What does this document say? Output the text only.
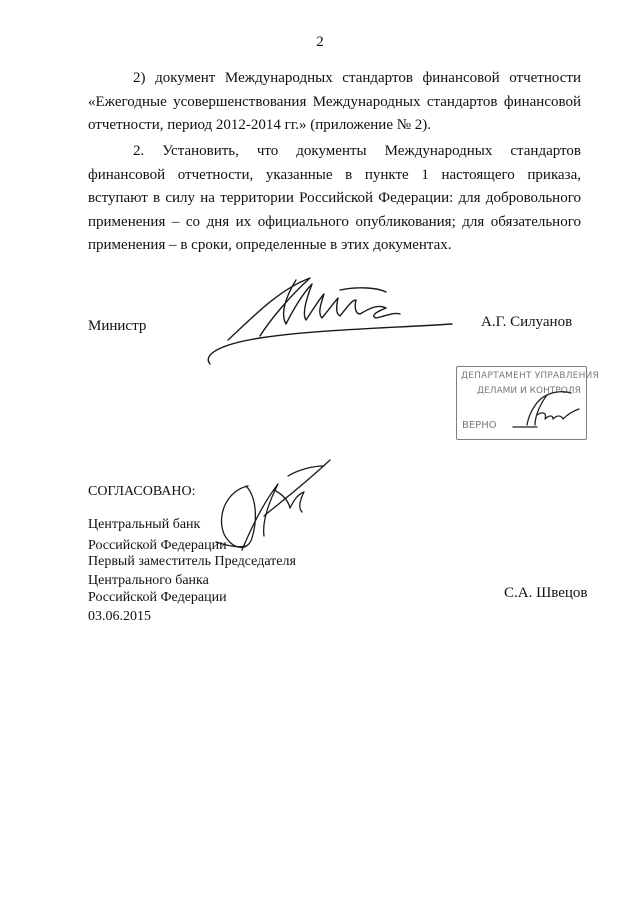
2
2) документ Международных стандартов финансовой отчетности
«Ежегодные усовершенствования Международных стандартов финансовой
отчетности, период 2012-2014 гг.» (приложение № 2).
2. Установить, что документы Международных стандартов
финансовой отчетности, указанные в пункте 1 настоящего приказа,
вступают в силу на территории Российской Федерации: для добровольного
применения – со дня их официального опубликования; для обязательного
применения – в сроки, определенные в этих документах.
Министр	А.Г. Силуанов
ДЕПАРТАМЕНТ УПРАВЛЕНИЯ
ДЕЛАМИ И КОНТРОЛЯ
ВЕРНО
СОГЛАСОВАНО:
Центральный банк
Российской Федерации
Первый заместитель Председателя
Центрального банка
Российской Федерации
03.06.2015
С.А. Швецов
